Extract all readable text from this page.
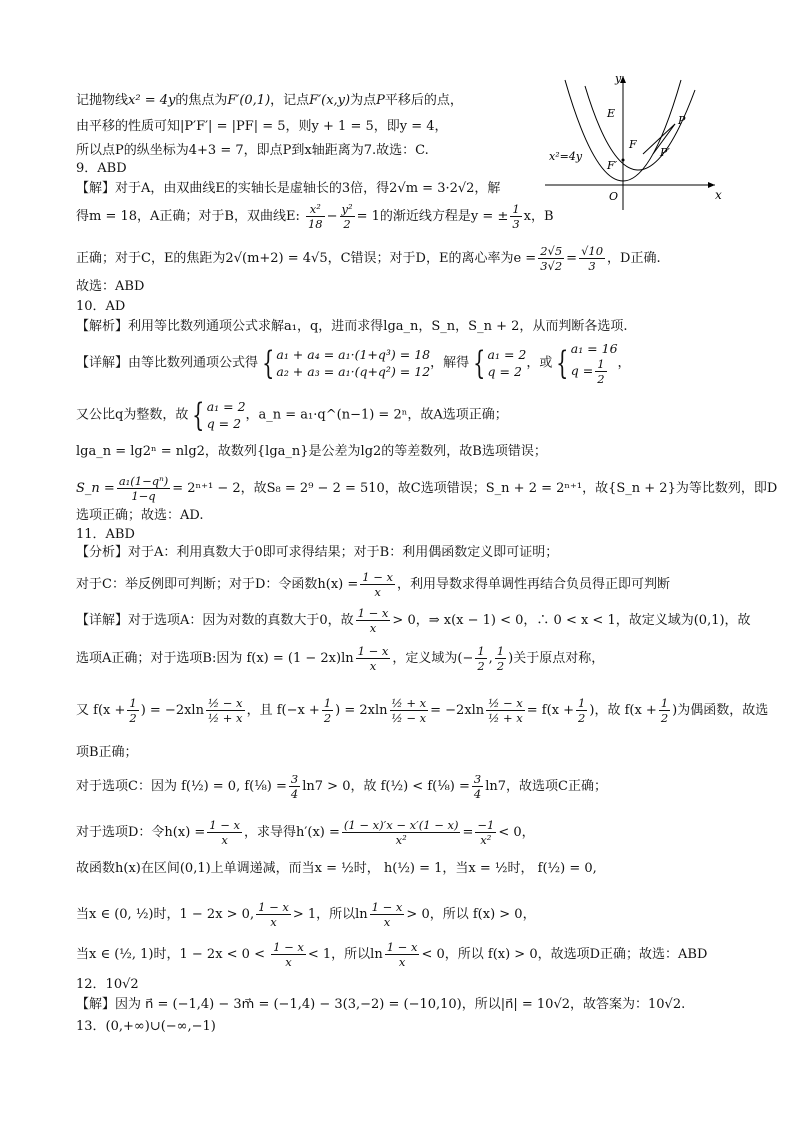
记抛物线x² = 4y的焦点为F′(0,1)，记点F′(x,y)为点P平移后的点，
由平移的性质可知|P′F′| = |PF| = 5，则y + 1 = 5，即y = 4，
所以点P的纵坐标为4+3 = 7，即点P到x轴距离为7.故选：C.
9．ABD
【解】对于A，由双曲线E的实轴长是虚轴长的3倍，得2√m = 3·2√2，解
得m = 18，A正确；对于B，双曲线E: $\frac{\text{x²}}{18} - \frac{\text{y²}}{2} = 1$的渐近线方程是y = ± $\frac{1}{3}$ x，B
正确；对于C，E的焦距为2√(m+2) = 4√5，C错误；对于D，E的离心率为$e = \frac{2√5}{3√2} = \frac{√10}{3}$ ，D正确.
故选：ABD
10．AD
【解析】利用等比数列通项公式求解a₁，q，进而求得lga_n，S_n，S_n + 2，从而判断各选项.
【详解】由等比数列通项公式得 { a₁ + a₄ = a₁·(1+q³) = 18
a₂ + a₃ = a₁·(q+q²) = 12
，解得 { a₁ = 2
q = 2
，或 { a₁ = 16
$q = \frac{1}{2}$ ，
又公比q为整数，故 { a₁ = 2
q = 2
，a_n = a₁·q^(n−1) = 2ⁿ，故A选项正确；
lga_n = lg2ⁿ = nlg2，故数列{lga_n}是公差为lg2的等差数列，故B选项错误；
S_n = $\frac{\text{a₁(1−qⁿ)}}{1-q} = 2^{n+1} - 2$，故S₈ = 2⁹ − 2 = 510，故C选项错误；S_n + 2 = 2ⁿ⁺¹，故{S_n + 2}为等比数列，即D
选项正确；故选：AD.
11．ABD
【分析】对于A：利用真数大于0即可求得结果；对于B：利用偶函数定义即可证明；
对于C：举反例即可判断；对于D：令函数$h(x) = \frac{1 - x}{x}$ ，利用导数求得单调性再结合负员得正即可判断
【详解】对于选项A：因为对数的真数大于0，故 $\frac{1 - x}{x} > 0$，⇒ x(x − 1) < 0，∴ 0 < x < 1，故定义域为(0,1)，故
选项A正确；对于选项B:因为 $f(x) = (1 - 2x)\ln \frac{1 - x}{x}$ ，定义域为(− $\frac{1}{2}$ , $\frac{1}{2}$ )关于原点对称，
又 $f(x + \frac{1}{2}$ ) = $-2xln \frac{\text{½ − x}}{\text{½ + x}}$ ，且 $f(-x + \frac{1}{2}$ ) = $2xln \frac{\text{½ + x}}{\text{½ − x}} = -2xln \frac{\text{½ − x}}{\text{½ + x}} = f(x + \frac{1}{2}$ )，故 $f(x + \frac{1}{2}$ )为偶函数，故选
项B正确；
对于选项C：因为 f(½) = 0, f(⅛) = $\frac{3}{4} \ln 7 > 0$，故 f(½) < f(⅛) = $\frac{3}{4} \ln 7$，故选项C正确；
对于选项D：令$h(x) = \frac{1 - x}{x}$ ，求导得$h'(x) = \frac{(1 - x)'x - x'(1 - x)}{\text{x²}} = \frac{-1}{\text{x²}} < 0$，
故函数h(x)在区间(0,1)上单调递减，而当x = ½时， h(½) = 1，当x = ½时， f(½) = 0,
当x ∈ (0, ½)时，1 − 2x > 0, $\frac{1 - x}{x} > 1$，所以$\ln \frac{1 - x}{x} > 0$，所以 f(x) > 0，
当x ∈ (½, 1)时，$1 - 2x < 0 < \frac{1 - x}{x} < 1$，所以$\ln \frac{1 - x}{x} < 0$，所以 f(x) > 0，故选项D正确；故选：ABD
12．10√2
【解】因为 n⃗ = (−1,4) − 3m⃗ = (−1,4) − 3(3,−2) = (−10,10)，所以|n⃗| = 10√2，故答案为：10√2.
13．(0,+∞)∪(−∞,−1)
y
x
O
E
F
P
F′
P′
x²=4y
